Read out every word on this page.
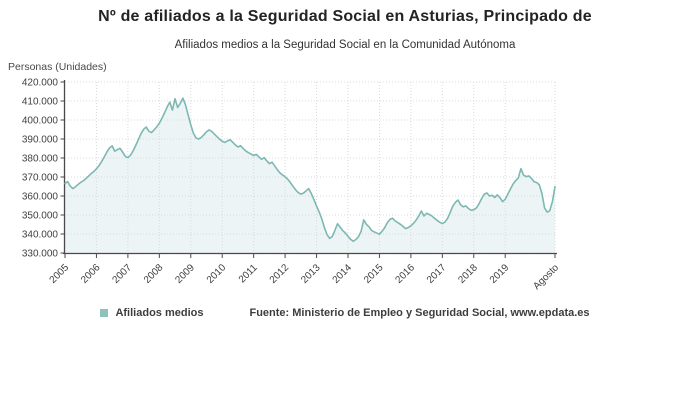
Nº de afiliados a la Seguridad Social en Asturias, Principado de
Afiliados medios a la Seguridad Social en la Comunidad Autónoma
Personas (Unidades)
420.000
410.000
400.000
390.000
380.000
370.000
360.000
350.000
340.000
330.000
2005 2006 2007 2008 2009 2010 2011 2012 2013 2014 2015 2016 2017 2018 2019 Agosto
Afiliados medios	Fuente: Ministerio de Empleo y Seguridad Social, www.epdata.es
